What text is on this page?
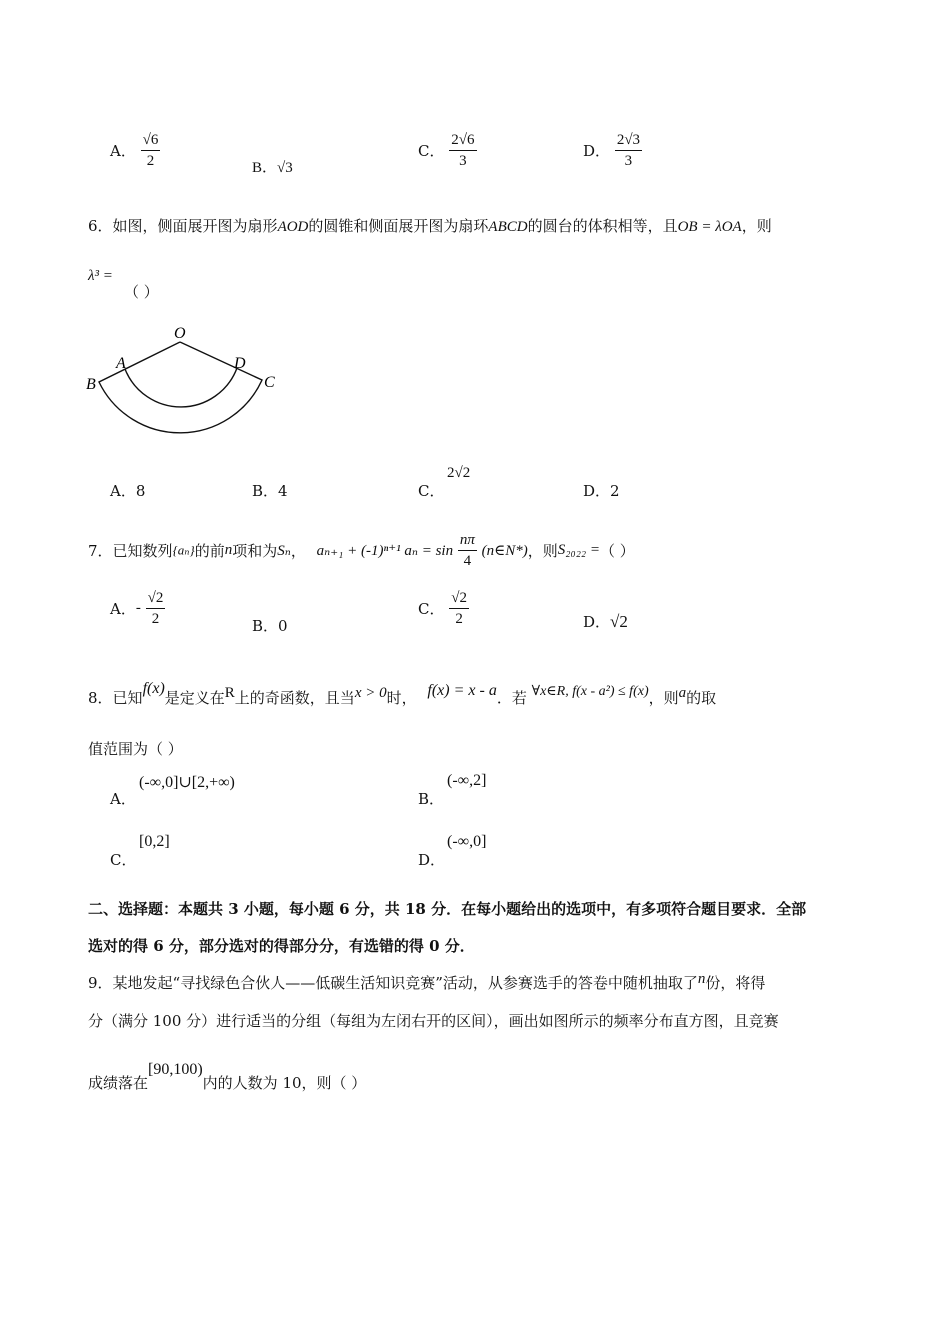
A． $\frac{√6}{2}$	B．√3
C． $\frac{2√6}{3}$	D． $\frac{2√3}{3}$
6．如图，侧面展开图为扇形AOD的圆锥和侧面展开图为扇环ABCD的圆台的体积相等，且OB = λOA，则
λ³ =
（ ）
O
A	D
B	C
A．8	B．4	C．
2√2
D．2
7．已知数列{aₙ}的前n项和为Sₙ， aₙ₊₁ + (-1)ⁿ⁺¹ $a_n = \sin \frac{n\pi}{4}$ (n∈N*)，则S₂₀₂₂ =（ ）
A．- $\frac{√2}{2}$	B．0
C． $\frac{√2}{2}$	D．√2
8．已知f(x)是定义在R上的奇函数，且当x > 0时， f(x) = x - a．若 ∀x∈R, f(x - a²) ≤ f(x)，则a的取
值范围为（ ）
A．
(-∞,0]∪[2,+∞)
B．
(-∞,2]
C．
[0,2]
D．
(-∞,0]
二、选择题：本题共 3 小题，每小题 6 分，共 18 分．在每小题给出的选项中，有多项符合题目要求．全部
选对的得 6 分，部分选对的得部分分，有选错的得 0 分．
9．某地发起“寻找绿色合伙人——低碳生活知识竞赛”活动，从参赛选手的答卷中随机抽取了n份，将得
分（满分 100 分）进行适当的分组（每组为左闭右开的区间），画出如图所示的频率分布直方图，且竞赛
成绩落在[90,100)内的人数为 10，则（ ）
